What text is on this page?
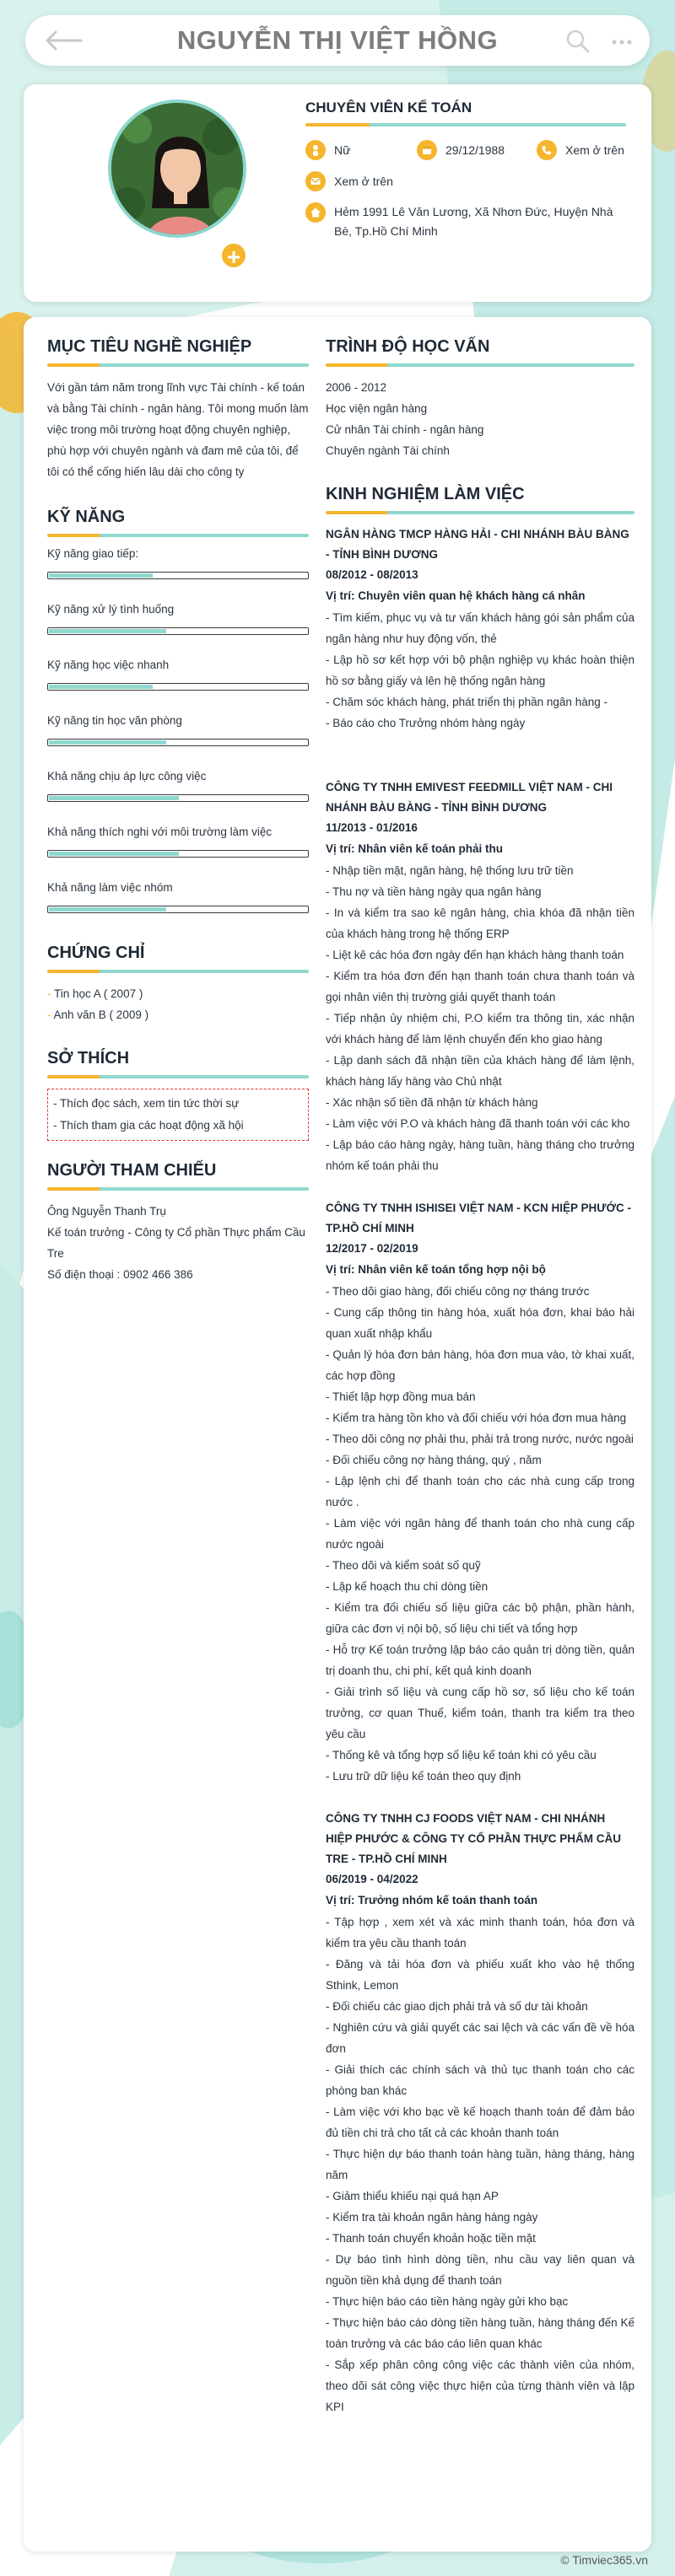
NGUYỄN THỊ VIỆT HỒNG
+
CHUYÊN VIÊN KẾ TOÁN
Nữ	29/12/1988	Xem ở trên
Xem ở trên
Hẻm 1991 Lê Văn Lương, Xã Nhơn Đức, Huyện Nhà Bè, Tp.Hồ Chí Minh
MỤC TIÊU NGHỀ NGHIỆP
Với gần tám năm trong lĩnh vực Tài chính - kế toán và bằng Tài chính - ngân hàng. Tôi mong muốn làm việc trong môi trường hoạt động chuyên nghiệp, phù hợp với chuyên ngành và đam mê của tôi, để tôi có thể cống hiến lâu dài cho công ty
KỸ NĂNG
Kỹ năng giao tiếp:
Kỹ năng xử lý tình huống
Kỹ năng học việc nhanh
Kỹ năng tin học văn phòng
Khả năng chịu áp lực công việc
Khả năng thích nghi với môi trường làm việc
Khả năng làm việc nhóm
CHỨNG CHỈ
- Tin học A ( 2007 )
- Anh văn B ( 2009 )
SỞ THÍCH
- Thích đọc sách, xem tin tức thời sự
- Thích tham gia các hoạt động xã hội
NGƯỜI THAM CHIẾU
Ông Nguyễn Thanh Trụ
Kế toán trưởng - Công ty Cổ phần Thực phẩm Cầu Tre
Số điện thoại : 0902 466 386
TRÌNH ĐỘ HỌC VẤN
2006 - 2012
Học viện ngân hàng
Cử nhân Tài chính - ngân hàng
Chuyên ngành Tài chính
KINH NGHIỆM LÀM VIỆC
NGÂN HÀNG TMCP HÀNG HẢI - CHI NHÁNH BÀU BÀNG - TỈNH BÌNH DƯƠNG
08/2012 - 08/2013
Vị trí: Chuyên viên quan hệ khách hàng cá nhân
- Tìm kiếm, phục vụ và tư vấn khách hàng gói sản phẩm của ngân hàng như huy động vốn, thẻ
- Lập hồ sơ kết hợp với bộ phận nghiệp vụ khác hoàn thiện hồ sơ bằng giấy và lên hệ thống ngân hàng
- Chăm sóc khách hàng, phát triển thị phần ngân hàng -
- Báo cáo cho Trưởng nhóm hàng ngày
CÔNG TY TNHH EMIVEST FEEDMILL VIỆT NAM - CHI NHÁNH BÀU BÀNG - TỈNH BÌNH DƯƠNG
11/2013 - 01/2016
Vị trí: Nhân viên kế toán phải thu
- Nhập tiền mặt, ngân hàng, hệ thống lưu trữ tiền
- Thu nợ và tiền hàng ngày qua ngân hàng
- In và kiểm tra sao kê ngân hàng, chìa khóa đã nhận tiền của khách hàng trong hệ thống ERP
- Liệt kê các hóa đơn ngày đến hạn khách hàng thanh toán
- Kiểm tra hóa đơn đến hạn thanh toán chưa thanh toán và gọi nhân viên thị trường giải quyết thanh toán
- Tiếp nhận ủy nhiệm chi, P.O kiểm tra thông tin, xác nhận với khách hàng để làm lệnh chuyển đến kho giao hàng
- Lập danh sách đã nhận tiền của khách hàng để làm lệnh, khách hàng lấy hàng vào Chủ nhật
- Xác nhận số tiền đã nhận từ khách hàng
- Làm việc với P.O và khách hàng đã thanh toán với các kho
- Lập báo cáo hàng ngày, hàng tuần, hàng tháng cho trưởng nhóm kế toán phải thu
CÔNG TY TNHH ISHISEI VIỆT NAM - KCN HIỆP PHƯỚC - TP.HỒ CHÍ MINH
12/2017 - 02/2019
Vị trí: Nhân viên kế toán tổng hợp nội bộ
- Theo dõi giao hàng, đối chiếu công nợ tháng trước
- Cung cấp thông tin hàng hóa, xuất hóa đơn, khai báo hải quan xuất nhập khẩu
- Quản lý hóa đơn bán hàng, hóa đơn mua vào, tờ khai xuất, các hợp đồng
- Thiết lập hợp đồng mua bán
- Kiểm tra hàng tồn kho và đối chiếu với hóa đơn mua hàng
- Theo dõi công nợ phải thu, phải trả trong nước, nước ngoài
- Đối chiếu công nợ hàng tháng, quý , năm
- Lập lệnh chi để thanh toán cho các nhà cung cấp trong nước .
- Làm việc với ngân hàng để thanh toán cho nhà cung cấp nước ngoài
- Theo dõi và kiểm soát số quỹ
- Lập kế hoạch thu chi dòng tiền
- Kiểm tra đối chiếu số liệu giữa các bộ phận, phần hành, giữa các đơn vị nội bộ, số liệu chi tiết và tổng hợp
- Hỗ trợ Kế toán trưởng lập báo cáo quản trị dòng tiền, quản trị doanh thu, chi phí, kết quả kinh doanh
- Giải trình số liệu và cung cấp hồ sơ, số liệu cho kế toán trưởng, cơ quan Thuế, kiểm toán, thanh tra kiểm tra theo yêu cầu
- Thống kê và tổng hợp số liệu kế toán khi có yêu cầu
- Lưu trữ dữ liệu kế toán theo quy định
CÔNG TY TNHH CJ FOODS VIỆT NAM - CHI NHÁNH HIỆP PHƯỚC & CÔNG TY CỔ PHẦN THỰC PHẨM CẦU TRE - TP.HỒ CHÍ MINH
06/2019 - 04/2022
Vị trí: Trưởng nhóm kế toán thanh toán
- Tập hợp , xem xét và xác minh thanh toán, hóa đơn và kiểm tra yêu cầu thanh toán
- Đăng và tải hóa đơn và phiếu xuất kho vào hệ thống Sthink, Lemon
- Đối chiếu các giao dịch phải trả và số dư tài khoản
- Nghiên cứu và giải quyết các sai lệch và các vấn đề về hóa đơn
- Giải thích các chính sách và thủ tục thanh toán cho các phòng ban khác
- Làm việc với kho bạc về kế hoạch thanh toán để đảm bảo đủ tiền chi trả cho tất cả các khoản thanh toán
- Thực hiện dự báo thanh toán hàng tuần, hàng tháng, hàng năm
- Giảm thiểu khiếu nại quá hạn AP
- Kiểm tra tài khoản ngân hàng hàng ngày
- Thanh toán chuyển khoản hoặc tiền mặt
- Dự báo tình hình dòng tiền, nhu cầu vay liên quan và nguồn tiền khả dụng để thanh toán
- Thực hiện báo cáo tiền hàng ngày gửi kho bạc
- Thực hiện báo cáo dòng tiền hàng tuần, hàng tháng đến Kế toán trưởng và các báo cáo liên quan khác
- Sắp xếp phân công công việc các thành viên của nhóm, theo dõi sát công việc thực hiện của từng thành viên và lập KPI
© Timviec365.vn
